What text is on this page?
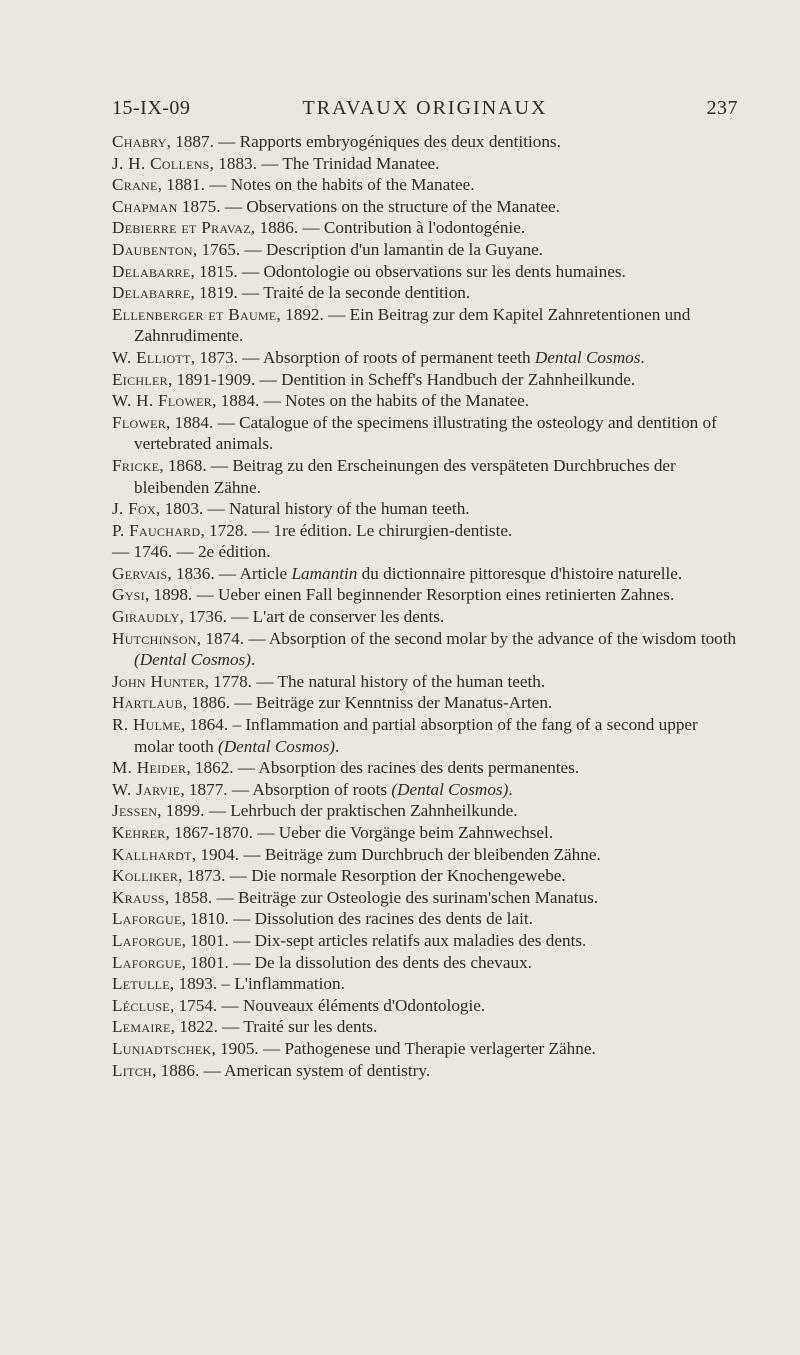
15-IX-09	TRAVAUX ORIGINAUX	237

Chabry, 1887. — Rapports embryogéniques des deux dentitions.

J. H. Collens, 1883. — The Trinidad Manatee.

Crane, 1881. — Notes on the habits of the Manatee.

Chapman 1875. — Observations on the structure of the Manatee.

Debierre et Pravaz, 1886. — Contribution à l'odontogénie.

Daubenton, 1765. — Description d'un lamantin de la Guyane.

Delabarre, 1815. — Odontologie ou observations sur les dents humaines.

Delabarre, 1819. — Traité de la seconde dentition.

Ellenberger et Baume, 1892. — Ein Beitrag zur dem Kapitel Zahnretentionen und Zahnrudimente.

W. Elliott, 1873. — Absorption of roots of permanent teeth Dental Cosmos.

Eichler, 1891-1909. — Dentition in Scheff's Handbuch der Zahnheilkunde.

W. H. Flower, 1884. — Notes on the habits of the Manatee.

Flower, 1884. — Catalogue of the specimens illustrating the osteology and dentition of vertebrated animals.

Fricke, 1868. — Beitrag zu den Erscheinungen des verspäteten Durchbruches der bleibenden Zähne.

J. Fox, 1803. — Natural history of the human teeth.

P. Fauchard, 1728. — 1re édition. Le chirurgien-dentiste.

— 1746. — 2e édition.

Gervais, 1836. — Article Lamantin du dictionnaire pittoresque d'histoire naturelle.

Gysi, 1898. — Ueber einen Fall beginnender Resorption eines retinierten Zahnes.

Giraudly, 1736. — L'art de conserver les dents.

Hutchinson, 1874. — Absorption of the second molar by the advance of the wisdom tooth (Dental Cosmos).

John Hunter, 1778. — The natural history of the human teeth.

Hartlaub, 1886. — Beiträge zur Kenntniss der Manatus-Arten.

R. Hulme, 1864. – Inflammation and partial absorption of the fang of a second upper molar tooth (Dental Cosmos).

M. Heider, 1862. — Absorption des racines des dents permanentes.

W. Jarvie, 1877. — Absorption of roots (Dental Cosmos).

Jessen, 1899. — Lehrbuch der praktischen Zahnheilkunde.

Kehrer, 1867-1870. — Ueber die Vorgänge beim Zahnwechsel.

Kallhardt, 1904. — Beiträge zum Durchbruch der bleibenden Zähne.

Kolliker, 1873. — Die normale Resorption der Knochengewebe.

Krauss, 1858. — Beiträge zur Osteologie des surinam'schen Manatus.

Laforgue, 1810. — Dissolution des racines des dents de lait.

Laforgue, 1801. — Dix-sept articles relatifs aux maladies des dents.

Laforgue, 1801. — De la dissolution des dents des chevaux.

Letulle, 1893. – L'inflammation.

Lécluse, 1754. — Nouveaux éléments d'Odontologie.

Lemaire, 1822. — Traité sur les dents.

Luniadtschek, 1905. — Pathogenese und Therapie verlagerter Zähne.

Litch, 1886. — American system of dentistry.
